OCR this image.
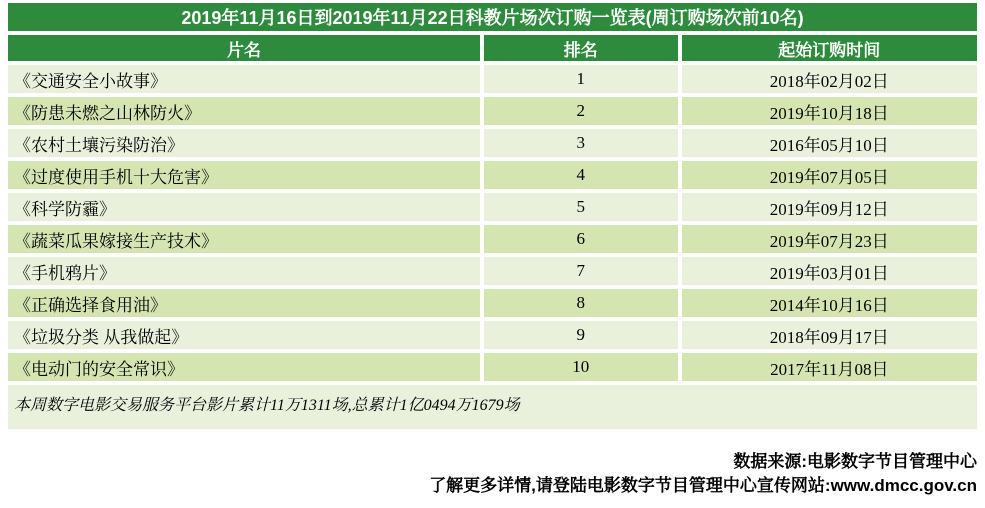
2019年11月16日到2019年11月22日科教片场次订购一览表(周订购场次前10名)		
片名	排名	起始订购时间
《交通安全小故事》	1	2018年02月02日
《防患未燃之山林防火》	2	2019年10月18日
《农村土壤污染防治》	3	2016年05月10日
《过度使用手机十大危害》	4	2019年07月05日
《科学防霾》	5	2019年09月12日
《蔬菜瓜果嫁接生产技术》	6	2019年07月23日
《手机鸦片》	7	2019年03月01日
《正确选择食用油》	8	2014年10月16日
《垃圾分类 从我做起》	9	2018年09月17日
《电动门的安全常识》	10	2017年11月08日
本周数字电影交易服务平台影片累计11万1311场,总累计1亿0494万1679场		
数据来源:电影数字节目管理中心
了解更多详情,请登陆电影数字节目管理中心宣传网站:www.dmcc.gov.cn
